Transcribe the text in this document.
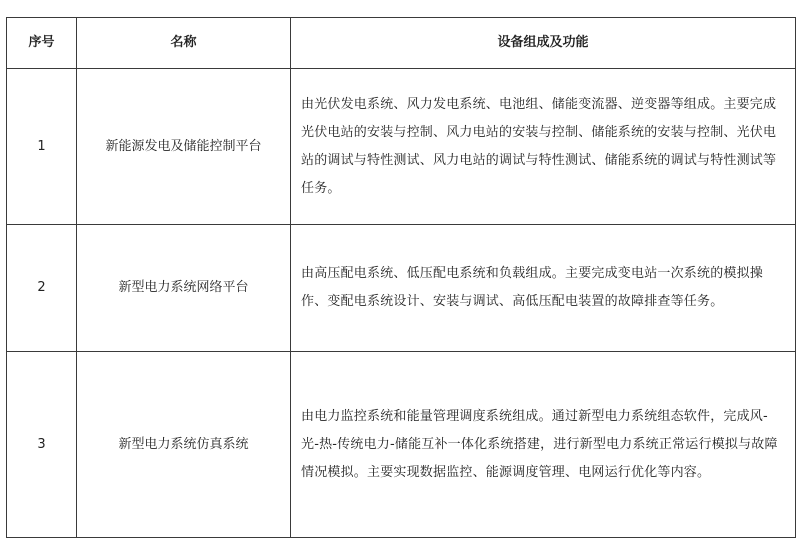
序号	名称	设备组成及功能
1	新能源发电及储能控制平台	由光伏发电系统、风力发电系统、电池组、储能变流器、逆变器等组成。主要完成光伏电站的安装与控制、风力电站的安装与控制、储能系统的安装与控制、光伏电站的调试与特性测试、风力电站的调试与特性测试、储能系统的调试与特性测试等任务。
2	新型电力系统网络平台	由高压配电系统、低压配电系统和负载组成。主要完成变电站一次系统的模拟操作、变配电系统设计、安装与调试、高低压配电装置的故障排查等任务。
3	新型电力系统仿真系统	由电力监控系统和能量管理调度系统组成。通过新型电力系统组态软件，完成风-光-热-传统电力-储能互补一体化系统搭建，进行新型电力系统正常运行模拟与故障情况模拟。主要实现数据监控、能源调度管理、电网运行优化等内容。
